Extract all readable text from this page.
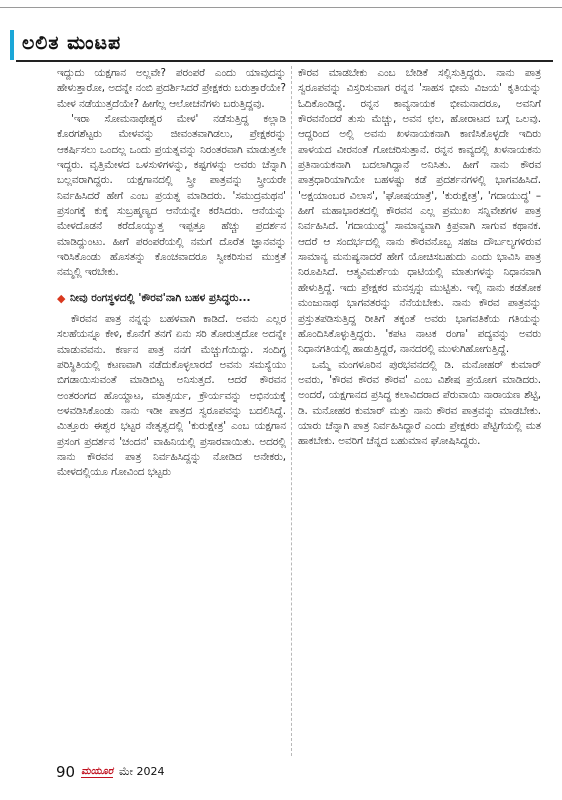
ಲಲಿತ ಮಂಟಪ

ಇದ್ದುದು ಯಕ್ಷಗಾನ ಅಲ್ಲವೇ? ಪರಂಪರೆ ಎಂದು ಯಾವುದನ್ನು ಹೇಳುತ್ತಾರೋ, ಅದನ್ನೇ ನಂಬಿ ಪ್ರದರ್ಶಿಸಿದರೆ ಪ್ರೇಕ್ಷಕರು ಬರುತ್ತಾರೆಯೇ? ಮೇಳ ನಡೆಯುತ್ತದೆಯೇ? ಹೀಗೆಲ್ಲ ಆಲೋಚನೆಗಳು ಬರುತ್ತಿದ್ದವು.

'ಇರಾ ಸೋಮನಾಥೇಶ್ವರ ಮೇಳ' ನಡೆಸುತ್ತಿದ್ದ ಕಲ್ಲಾಡಿ ಕೊರಗಶೆಟ್ಟರು ಮೇಳವನ್ನು ಜೀವಂತವಾಗಿಡಲು, ಪ್ರೇಕ್ಷಕರನ್ನು ಆಕರ್ಷಿಸಲು ಒಂದಲ್ಲ ಒಂದು ಪ್ರಯತ್ನವನ್ನು ನಿರಂತರವಾಗಿ ಮಾಡುತ್ತಲೇ ಇದ್ದರು. ವೃತ್ತಿಮೇಳದ ಒಳಸುಳಿಗಳನ್ನು, ಕಷ್ಟಗಳನ್ನು ಅವರು ಚೆನ್ನಾಗಿ ಬಲ್ಲವರಾಗಿದ್ದರು. ಯಕ್ಷಗಾನದಲ್ಲಿ ಸ್ತ್ರೀ ಪಾತ್ರವನ್ನು ಸ್ತ್ರೀಯರೇ ನಿರ್ವಹಿಸಿದರೆ ಹೇಗೆ ಎಂಬ ಪ್ರಯತ್ನ ಮಾಡಿದರು. 'ಸಮುದ್ರಮಥನ' ಪ್ರಸಂಗಕ್ಕೆ ಕುಕ್ಕೆ ಸುಬ್ರಹ್ಮಣ್ಯದ ಆನೆಯನ್ನೇ ಕರೆಸಿದರು. ಆನೆಯನ್ನು ಮೇಳದೊಡನೆ ಕರೆದೊಯ್ಯುತ್ತ ಇಪ್ಪತ್ತೂ ಹೆಚ್ಚು ಪ್ರದರ್ಶನ ಮಾಡಿದ್ದುಂಟು. ಹೀಗೆ ಪರಂಪರೆಯಲ್ಲಿ ನಮಗೆ ದೊರೆತ ಜ್ಞಾನವನ್ನು ಇರಿಸಿಕೊಂಡು ಹೊಸತನ್ನು ಕೊಂಚವಾದರೂ ಸ್ವೀಕರಿಸುವ ಮುಕ್ತತೆ ನಮ್ಮಲ್ಲಿ ಇರಬೇಕು.

◆ ನೀವು ರಂಗಸ್ಥಳದಲ್ಲಿ 'ಕೌರವ'ನಾಗಿ ಬಹಳ ಪ್ರಸಿದ್ಧರು...

ಕೌರವನ ಪಾತ್ರ ನನ್ನನ್ನು ಬಹಳವಾಗಿ ಕಾಡಿದೆ. ಅವನು ಎಲ್ಲರ ಸಲಹೆಯನ್ನೂ ಕೇಳಿ, ಕೊನೆಗೆ ತನಗೆ ಏನು ಸರಿ ತೋರುತ್ತದೋ ಅದನ್ನೇ ಮಾಡುವವನು. ಕರ್ಣನ ಪಾತ್ರ ನನಗೆ ಮೆಚ್ಚುಗೆಯಿದ್ದು. ಸಂದಿಗ್ಧ ಪರಿಸ್ಥಿತಿಯಲ್ಲಿ ಕಟಣವಾಗಿ ನಡೆದುಕೊಳ್ಳಲಾರದೆ ಅವನು ಸಮಸ್ಯೆಯು ಬಿಗಡಾಯಿಸುವಂತೆ ಮಾಡಿಬಿಟ್ಟ ಅನಿಸುತ್ತದೆ. ಆದರೆ ಕೌರವನ ಅಂತರಂಗದ ಹೊಯ್ದಾಟ, ಮಾತ್ಸರ್ಯ, ಕ್ರೌರ್ಯವನ್ನು ಅಭಿನಯಕ್ಕೆ ಅಳವಡಿಸಿಕೊಂಡು ನಾನು ಇಡೀ ಪಾತ್ರದ ಸ್ವರೂಪವನ್ನು ಬದಲಿಸಿದ್ದೆ. ಮಿತ್ತೂರು ಈಶ್ವರ ಭಟ್ಟರ ನೇತೃತ್ವದಲ್ಲಿ 'ಕುರುಕ್ಷೇತ್ರ' ಎಂಬ ಯಕ್ಷಗಾನ ಪ್ರಸಂಗ ಪ್ರದರ್ಶನ 'ಚಂದನ' ವಾಹಿನಿಯಲ್ಲಿ ಪ್ರಸಾರವಾಯಿತು. ಅದರಲ್ಲಿ ನಾನು ಕೌರವನ ಪಾತ್ರ ನಿರ್ವಹಿಸಿದ್ದನ್ನು ನೋಡಿದ ಅನೇಕರು, ಮೇಳದಲ್ಲಿಯೂ ಗೋವಿಂದ ಭಟ್ಟರು

ಕೌರವ ಮಾಡಬೇಕು ಎಂಬ ಬೇಡಿಕೆ ಸಲ್ಲಿಸುತ್ತಿದ್ದರು. ನಾನು ಪಾತ್ರ ಸ್ವರೂಪವನ್ನು ವಿಸ್ತರಿಸುವಾಗ ರನ್ನನ 'ಸಾಹಸ ಭೀಮ ವಿಜಯ' ಕೃತಿಯನ್ನು ಓದಿಕೊಂಡಿದ್ದೆ. ರನ್ನನ ಕಾವ್ಯನಾಯಕ ಭೀಮನಾದರೂ, ಅವನಿಗೆ ಕೌರವನೆಂದರೆ ತುಸು ಮೆಚ್ಚು, ಅವನ ಛಲ, ಹೋರಾಟದ ಬಗ್ಗೆ ಒಲವು. ಆದ್ದರಿಂದ ಅಲ್ಲಿ ಅವನು ಖಳನಾಯಕನಾಗಿ ಕಾಣಿಸಿಕೊಳ್ಳದೇ ಇದಿರು ಪಾಳಯದ ವೀರನಂತೆ ಗೋಚರಿಸುತ್ತಾನೆ. ರನ್ನನ ಕಾವ್ಯದಲ್ಲಿ ಖಳನಾಯಕನು ಪ್ರತಿನಾಯಕನಾಗಿ ಬದಲಾಗಿದ್ದಾನೆ ಅನಿಸಿತು. ಹೀಗೆ ನಾನು ಕೌರವ ಪಾತ್ರಧಾರಿಯಾಗಿಯೇ ಬಹಳಷ್ಟು ಕಡೆ ಪ್ರದರ್ಶನಗಳಲ್ಲಿ ಭಾಗವಹಿಸಿದೆ. 'ಅಕ್ಷಯಾಂಬರ ವಿಲಾಸ', 'ಘೋಷಯಾತ್ರೆ', 'ಕುರುಕ್ಷೇತ್ರ', 'ಗದಾಯುದ್ಧ' – ಹೀಗೆ ಮಹಾಭಾರತದಲ್ಲಿ ಕೌರವನ ಎಲ್ಲ ಪ್ರಮುಖ ಸನ್ನಿವೇಶಗಳ ಪಾತ್ರ ನಿರ್ವಹಿಸಿದೆ. 'ಗದಾಯುದ್ಧ' ಸಾಮಾನ್ಯವಾಗಿ ಕ್ರಿಪ್ರವಾಗಿ ಸಾಗುವ ಕಥಾನಕ. ಆದರೆ ಆ ಸಂದರ್ಭದಲ್ಲಿ ನಾನು ಕೌರವನೊಬ್ಬ ಸಹಜ ದೌರ್ಬಲ್ಯಗಳಿರುವ ಸಾಮಾನ್ಯ ಮನುಷ್ಯನಾದರೆ ಹೇಗೆ ಯೋಚಿಸಬಹುದು ಎಂದು ಭಾವಿಸಿ ಪಾತ್ರ ನಿರೂಪಿಸಿದೆ. ಆತ್ಮವಿಮರ್ಶೆಯ ಧಾಟಿಯಲ್ಲಿ ಮಾತುಗಳನ್ನು ನಿಧಾನವಾಗಿ ಹೇಳುತ್ತಿದ್ದೆ. ಇದು ಪ್ರೇಕ್ಷಕರ ಮನಸ್ಸನ್ನು ಮುಟ್ಟಿತು. ಇಲ್ಲಿ ನಾನು ಕಡತೋಕ ಮಂಜುನಾಥ ಭಾಗವತರನ್ನು ನೆನೆಯಬೇಕು. ನಾನು ಕೌರವ ಪಾತ್ರವನ್ನು ಪ್ರಸ್ತುತಪಡಿಸುತ್ತಿದ್ದ ರೀತಿಗೆ ತಕ್ಕಂತೆ ಅವರು ಭಾಗವತಿಕೆಯ ಗತಿಯನ್ನು ಹೊಂದಿಸಿಕೊಳ್ಳುತ್ತಿದ್ದರು. 'ಕಪಟ ನಾಟಕ ರಂಗಾ' ಪದ್ಯವನ್ನು ಅವರು ನಿಧಾನಗತಿಯಲ್ಲಿ ಹಾಡುತ್ತಿದ್ದರೆ, ನಾನದರಲ್ಲಿ ಮುಳುಗಿಹೋಗುತ್ತಿದ್ದೆ.

ಒಮ್ಮೆ ಮಂಗಳೂರಿನ ಪುರಭವನದಲ್ಲಿ ಡಿ. ಮನೋಹರ್ ಕುಮಾರ್ ಅವರು, 'ಕೌರವ ಕೌರವ ಕೌರವ' ಎಂಬ ವಿಶೇಷ ಪ್ರಯೋಗ ಮಾಡಿದರು. ಅಂದರೆ, ಯಕ್ಷಗಾನದ ಪ್ರಸಿದ್ಧ ಕಲಾವಿದರಾದ ಪೆರುವಾಯಿ ನಾರಾಯಣ ಶೆಟ್ಟಿ, ಡಿ. ಮನೋಹರ ಕುಮಾರ್ ಮತ್ತು ನಾನು ಕೌರವ ಪಾತ್ರವನ್ನು ಮಾಡಬೇಕು. ಯಾರು ಚೆನ್ನಾಗಿ ಪಾತ್ರ ನಿರ್ವಹಿಸಿದ್ದಾರೆ ಎಂದು ಪ್ರೇಕ್ಷಕರು ಪೆಟ್ಟಿಗೆಯಲ್ಲಿ ಮತ ಹಾಕಬೇಕು. ಅವರಿಗೆ ಚೆನ್ನದ ಬಹುಮಾನ ಘೋಷಿಸಿದ್ದರು.

90 ಮಯೂರ ಮೇ 2024
